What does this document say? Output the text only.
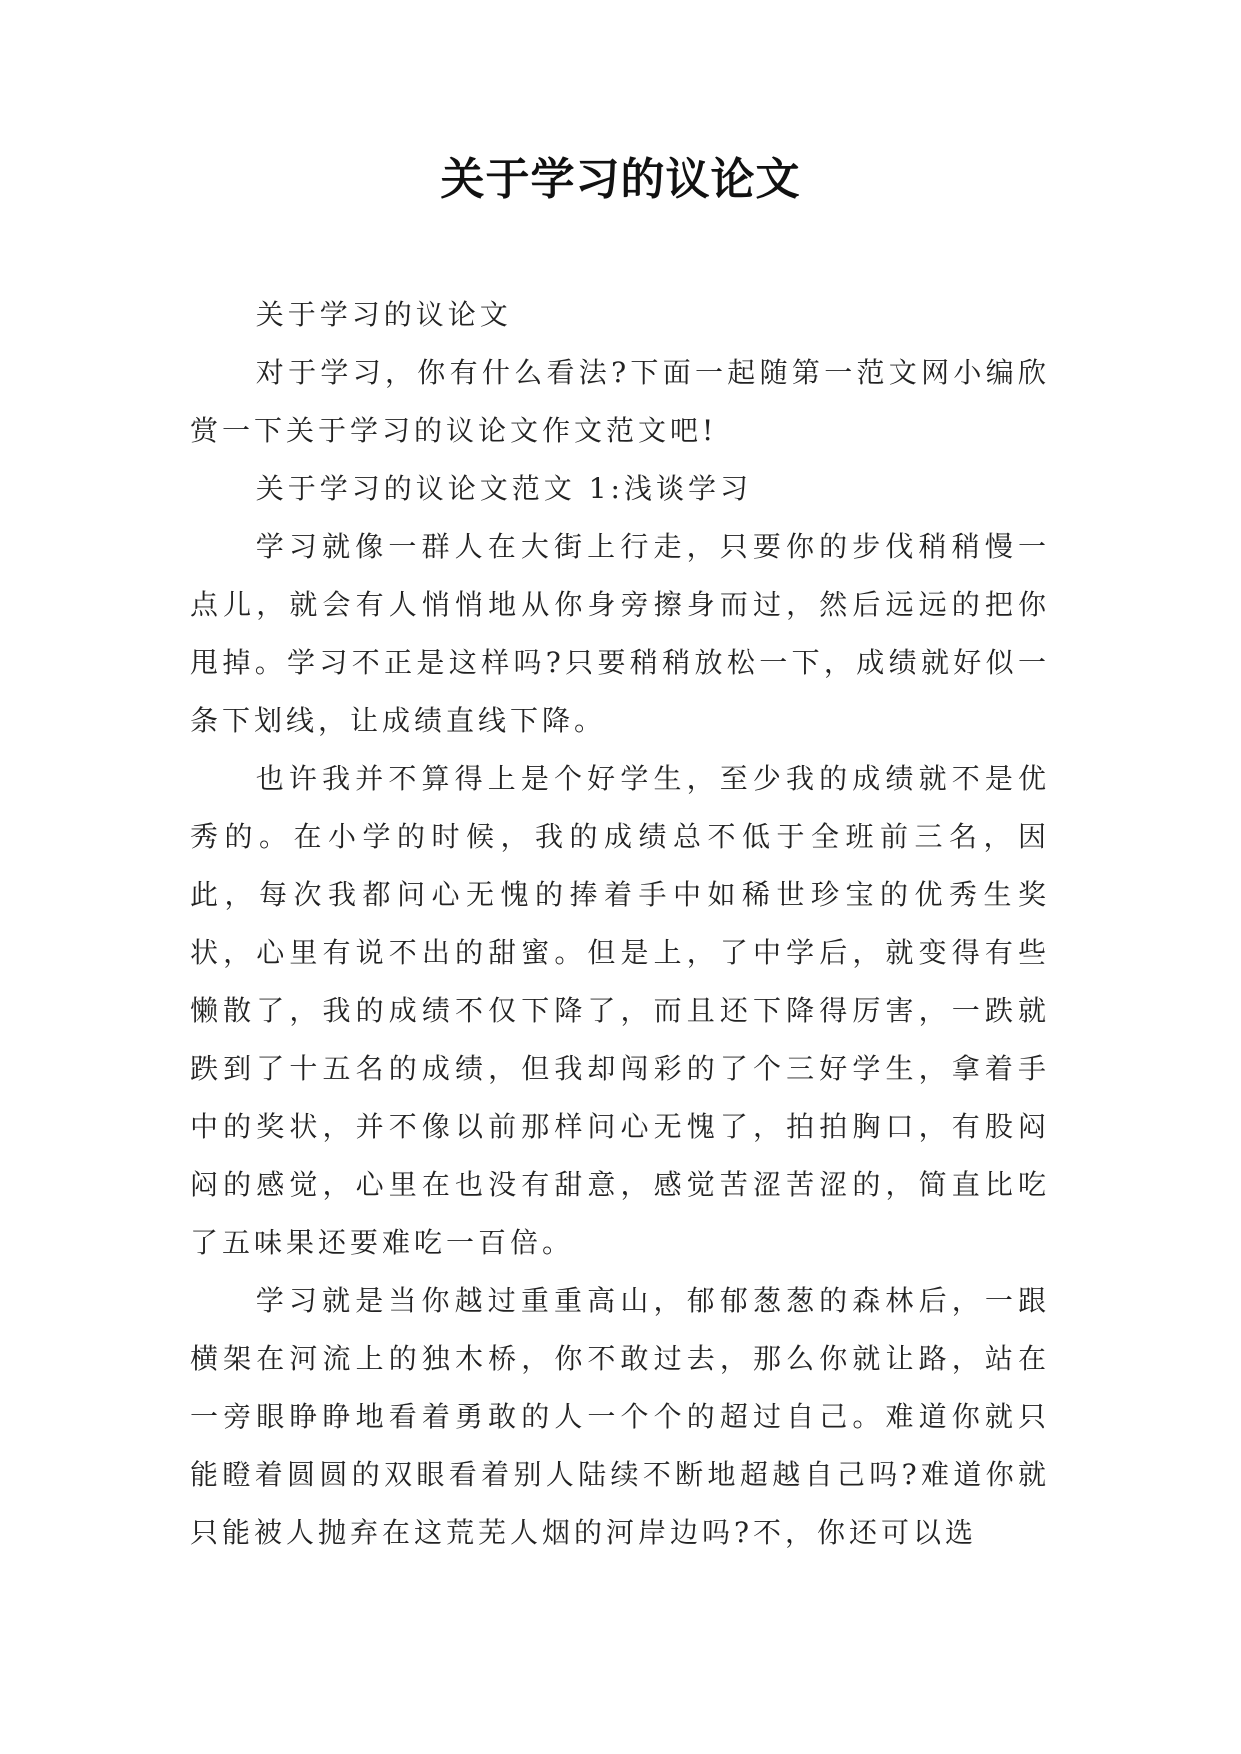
关于学习的议论文

关于学习的议论文

对于学习，你有什么看法?下面一起随第一范文网小编欣赏一下关于学习的议论文作文范文吧!

关于学习的议论文范文 1:浅谈学习

学习就像一群人在大街上行走，只要你的步伐稍稍慢一点儿，就会有人悄悄地从你身旁擦身而过，然后远远的把你甩掉。学习不正是这样吗?只要稍稍放松一下，成绩就好似一条下划线，让成绩直线下降。

也许我并不算得上是个好学生，至少我的成绩就不是优秀的。在小学的时候，我的成绩总不低于全班前三名，因此，每次我都问心无愧的捧着手中如稀世珍宝的优秀生奖状，心里有说不出的甜蜜。但是上，了中学后，就变得有些懒散了，我的成绩不仅下降了，而且还下降得厉害，一跌就跌到了十五名的成绩，但我却闯彩的了个三好学生，拿着手中的奖状，并不像以前那样问心无愧了，拍拍胸口，有股闷闷的感觉，心里在也没有甜意，感觉苦涩苦涩的，简直比吃了五味果还要难吃一百倍。

学习就是当你越过重重高山，郁郁葱葱的森林后，一跟横架在河流上的独木桥，你不敢过去，那么你就让路，站在一旁眼睁睁地看着勇敢的人一个个的超过自己。难道你就只能瞪着圆圆的双眼看着别人陆续不断地超越自己吗?难道你就只能被人抛弃在这荒芜人烟的河岸边吗?不，你还可以选
